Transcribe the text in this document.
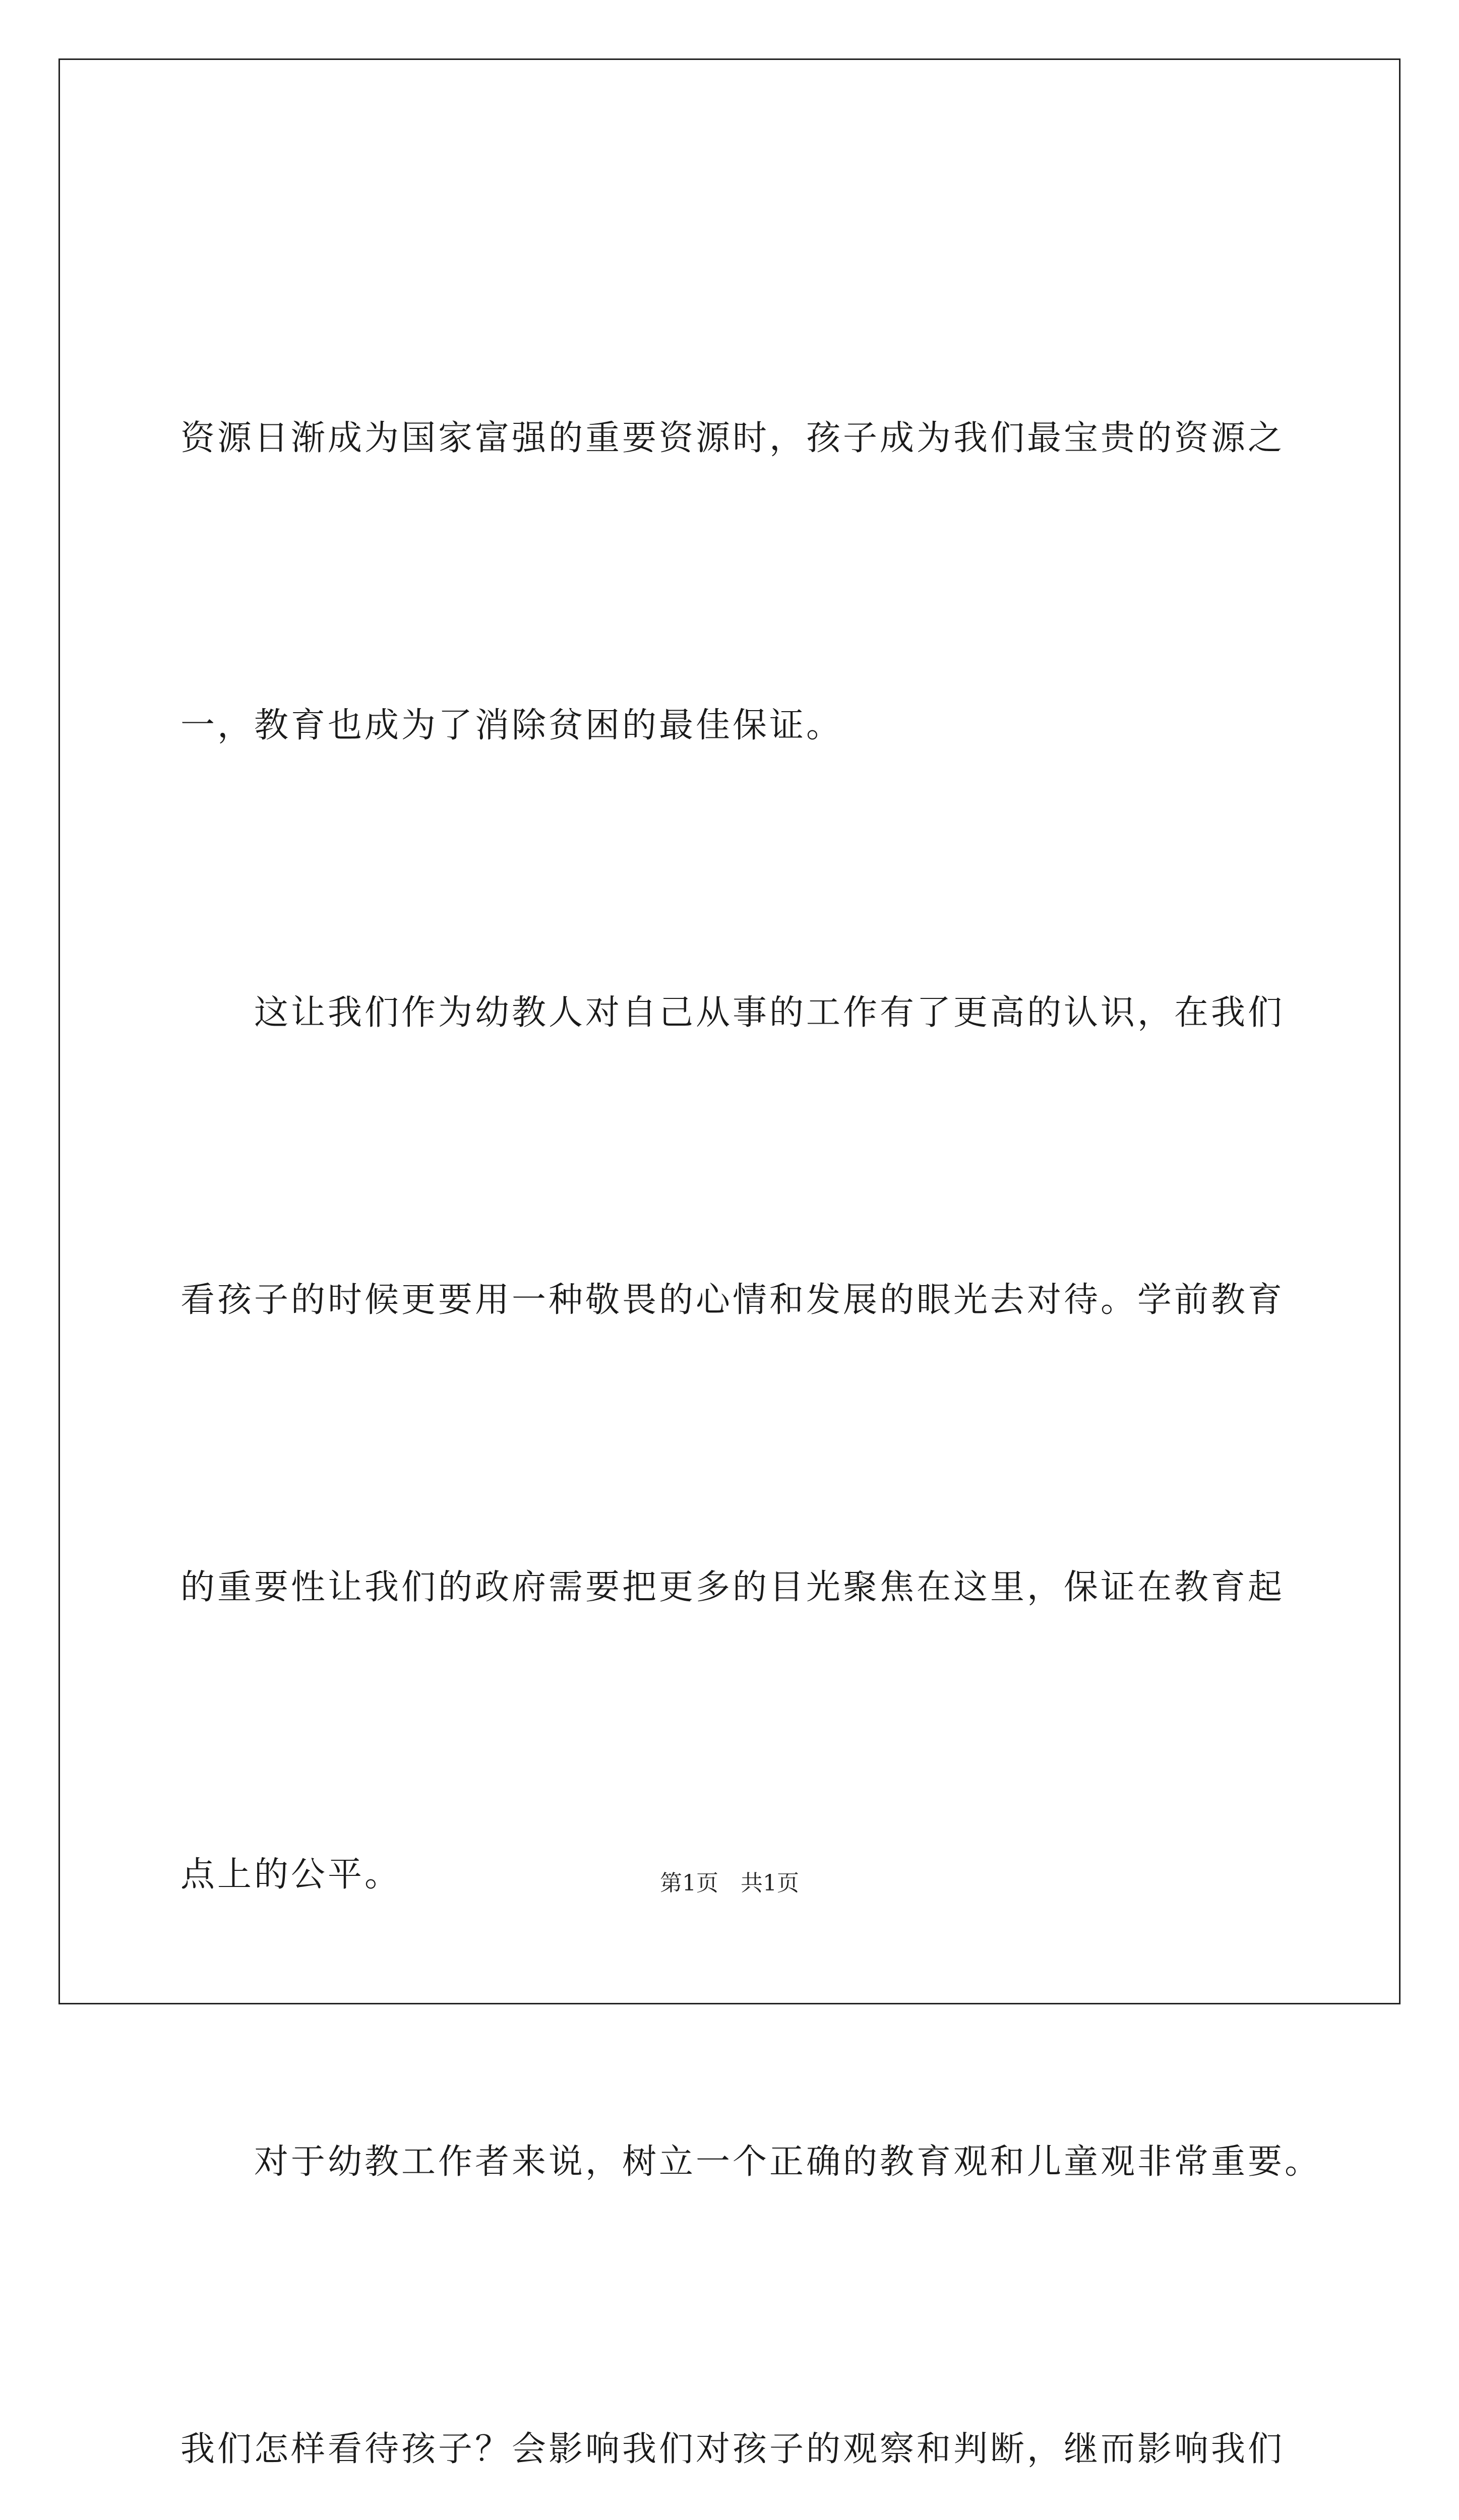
资源日渐成为国家富强的重要资源时，孩子成为我们最宝贵的资源之

一，教育也成为了消除贫困的最佳保证。

　　这让我们作为幼教人对自己从事的工作有了更高的认识，在我们

看孩子的时候更要用一种敬畏的心情和发展的眼光去对待。学前教育

的重要性让我们的政府需要把更多的目光聚焦在这里，保证在教育起

点上的公平。

　　对于幼教工作者来说，树立一个正确的教育观和儿童观非常重要。

我们怎样看待孩子？会影响我们对孩子的观察和判断，继而影响我们

第1页　共1页
